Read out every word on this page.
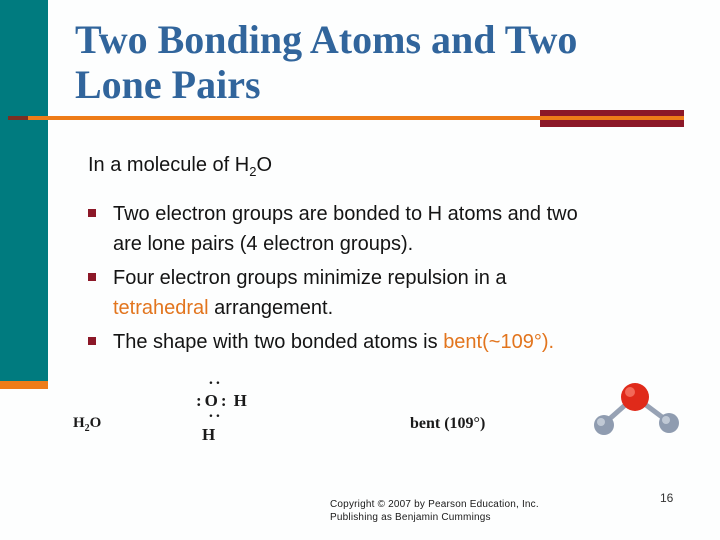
Two Bonding Atoms and Two Lone Pairs

In a molecule of $H_2O$

Two electron groups are bonded to H atoms and two
are lone pairs (4 electron groups).
Four electron groups minimize repulsion in a
tetrahedral arrangement.
The shape with two bonded atoms is bent(~109°).
$H_2O$
∙∙
: O : H
∙∙
H
bent (109°)
Copyright © 2007 by Pearson Education, Inc.
Publishing as Benjamin Cummings
16
